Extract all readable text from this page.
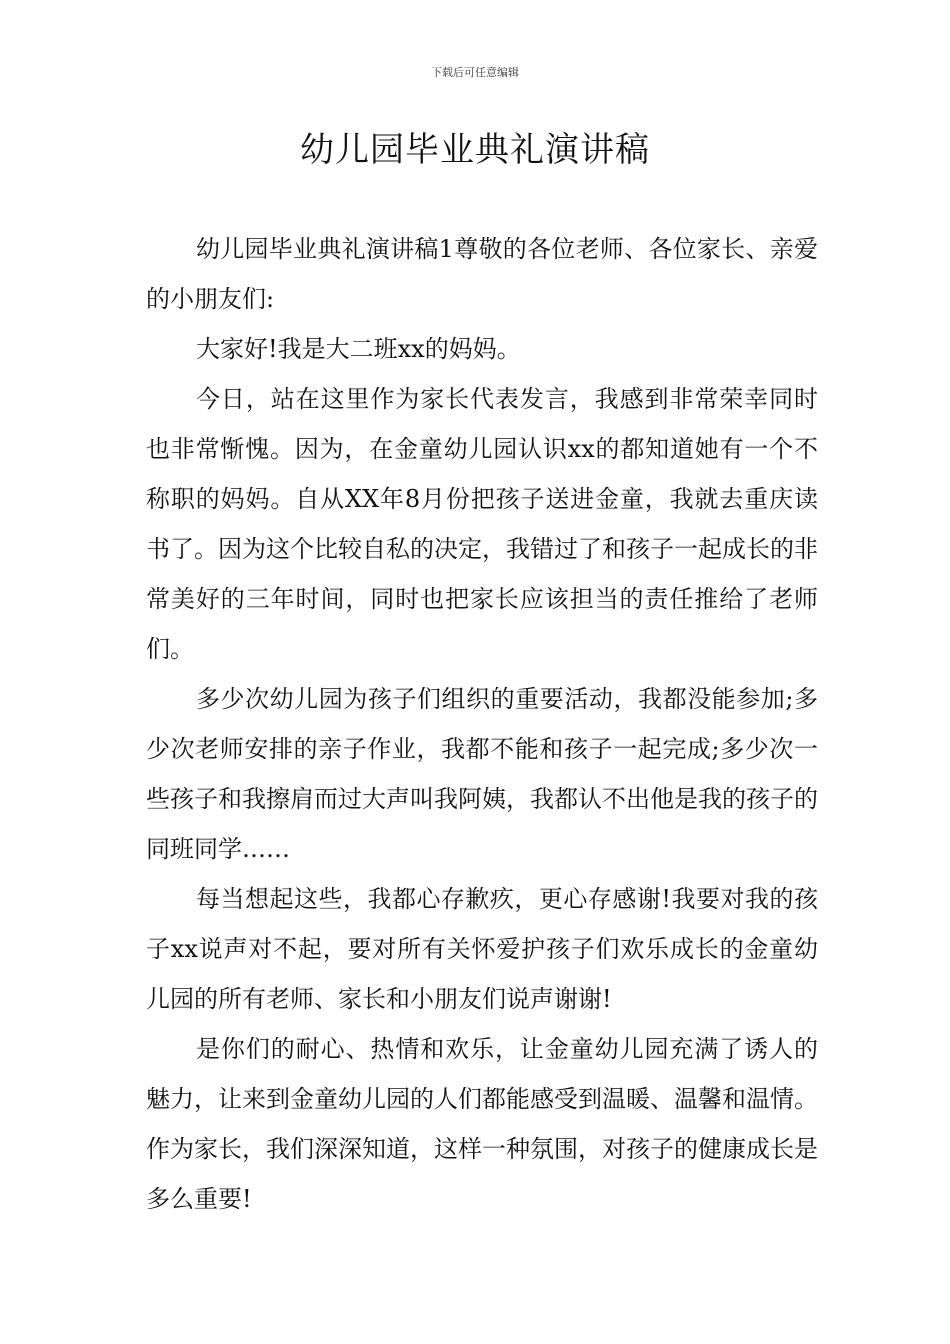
下载后可任意编辑
幼儿园毕业典礼演讲稿

幼儿园毕业典礼演讲稿1尊敬的各位老师、各位家长、亲爱的小朋友们:

大家好!我是大二班xx的妈妈。

今日，站在这里作为家长代表发言，我感到非常荣幸同时也非常惭愧。因为，在金童幼儿园认识xx的都知道她有一个不称职的妈妈。自从XX年8月份把孩子送进金童，我就去重庆读书了。因为这个比较自私的决定，我错过了和孩子一起成长的非常美好的三年时间，同时也把家长应该担当的责任推给了老师们。

多少次幼儿园为孩子们组织的重要活动，我都没能参加;多少次老师安排的亲子作业，我都不能和孩子一起完成;多少次一些孩子和我擦肩而过大声叫我阿姨，我都认不出他是我的孩子的同班同学……

每当想起这些，我都心存歉疚，更心存感谢!我要对我的孩子xx说声对不起，要对所有关怀爱护孩子们欢乐成长的金童幼儿园的所有老师、家长和小朋友们说声谢谢!

是你们的耐心、热情和欢乐，让金童幼儿园充满了诱人的魅力，让来到金童幼儿园的人们都能感受到温暖、温馨和温情。作为家长，我们深深知道，这样一种氛围，对孩子的健康成长是多么重要!
